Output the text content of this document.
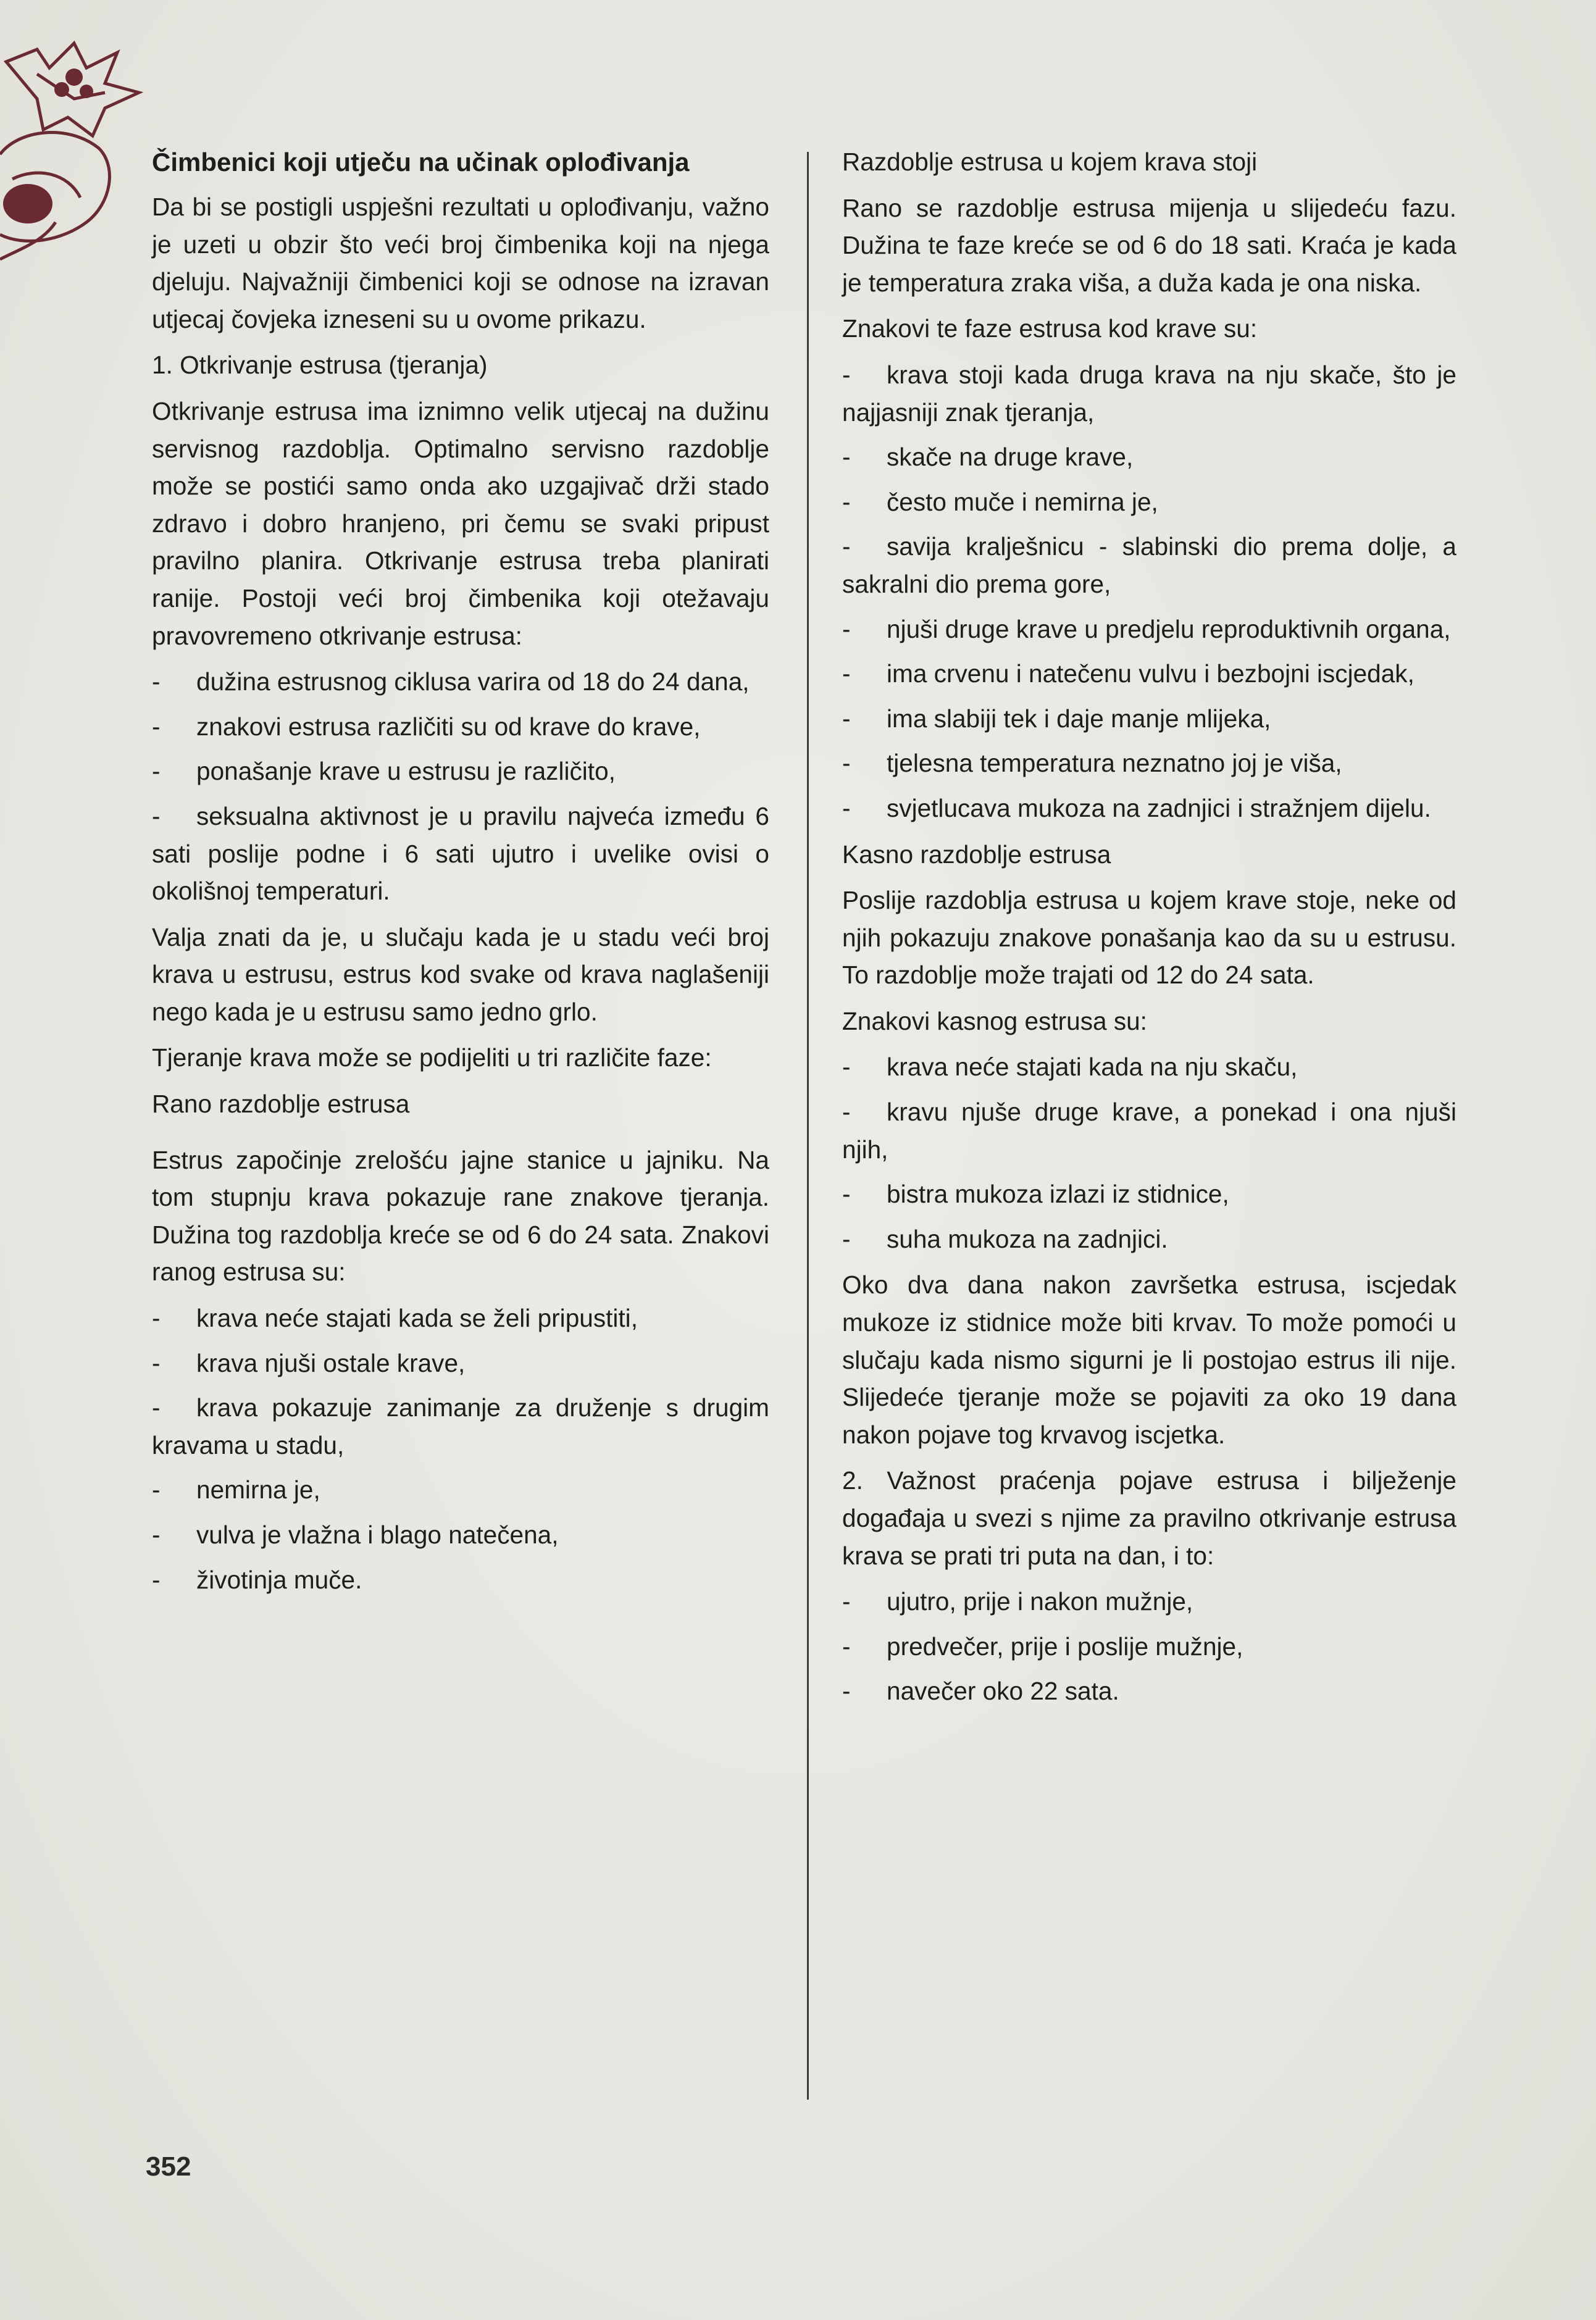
Čimbenici koji utječu na učinak oplođivanja

Da bi se postigli uspješni rezultati u oplođivanju, važno je uzeti u obzir što veći broj čimbenika koji na njega djeluju. Najvažniji čimbenici koji se odnose na izravan utjecaj čovjeka izneseni su u ovome prikazu.

1. Otkrivanje estrusa (tjeranja)

Otkrivanje estrusa ima iznimno velik utjecaj na dužinu servisnog razdoblja. Optimalno servisno razdoblje može se postići samo onda ako uzgajivač drži stado zdravo i dobro hranjeno, pri čemu se svaki pripust pravilno planira. Otkrivanje estrusa treba planirati ranije. Postoji veći broj čimbenika koji otežavaju pravovremeno otkrivanje estrusa:

- dužina estrusnog ciklusa varira od 18 do 24 dana,

- znakovi estrusa različiti su od krave do krave,

- ponašanje krave u estrusu je različito,

- seksualna aktivnost je u pravilu najveća između 6 sati poslije podne i 6 sati ujutro i uvelike ovisi o okolišnoj temperaturi.

Valja znati da je, u slučaju kada je u stadu veći broj krava u estrusu, estrus kod svake od krava naglašeniji nego kada je u estrusu samo jedno grlo.

Tjeranje krava može se podijeliti u tri različite faze:

Rano razdoblje estrusa

Estrus započinje zrelošću jajne stanice u jajniku. Na tom stupnju krava pokazuje rane znakove tjeranja. Dužina tog razdoblja kreće se od 6 do 24 sata. Znakovi ranog estrusa su:

- krava neće stajati kada se želi pripustiti,

- krava njuši ostale krave,

- krava pokazuje zanimanje za druženje s drugim kravama u stadu,

- nemirna je,

- vulva je vlažna i blago natečena,

- životinja muče.

Razdoblje estrusa u kojem krava stoji

Rano se razdoblje estrusa mijenja u slijedeću fazu. Dužina te faze kreće se od 6 do 18 sati. Kraća je kada je temperatura zraka viša, a duža kada je ona niska.

Znakovi te faze estrusa kod krave su:

- krava stoji kada druga krava na nju skače, što je najjasniji znak tjeranja,

- skače na druge krave,

- često muče i nemirna je,

- savija kralješnicu - slabinski dio prema dolje, a sakralni dio prema gore,

- njuši druge krave u predjelu reproduktivnih organa,

- ima crvenu i natečenu vulvu i bezbojni iscjedak,

- ima slabiji tek i daje manje mlijeka,

- tjelesna temperatura neznatno joj je viša,

- svjetlucava mukoza na zadnjici i stražnjem dijelu.

Kasno razdoblje estrusa

Poslije razdoblja estrusa u kojem krave stoje, neke od njih pokazuju znakove ponašanja kao da su u estrusu. To razdoblje može trajati od 12 do 24 sata.

Znakovi kasnog estrusa su:

- krava neće stajati kada na nju skaču,

- kravu njuše druge krave, a ponekad i ona njuši njih,

- bistra mukoza izlazi iz stidnice,

- suha mukoza na zadnjici.

Oko dva dana nakon završetka estrusa, iscjedak mukoze iz stidnice može biti krvav. To može pomoći u slučaju kada nismo sigurni je li postojao estrus ili nije. Slijedeće tjeranje može se pojaviti za oko 19 dana nakon pojave tog krvavog iscjetka.

2. Važnost praćenja pojave estrusa i bilježenje događaja u svezi s njime za pravilno otkrivanje estrusa krava se prati tri puta na dan, i to:

- ujutro, prije i nakon mužnje,

- predvečer, prije i poslije mužnje,

- navečer oko 22 sata.

352
